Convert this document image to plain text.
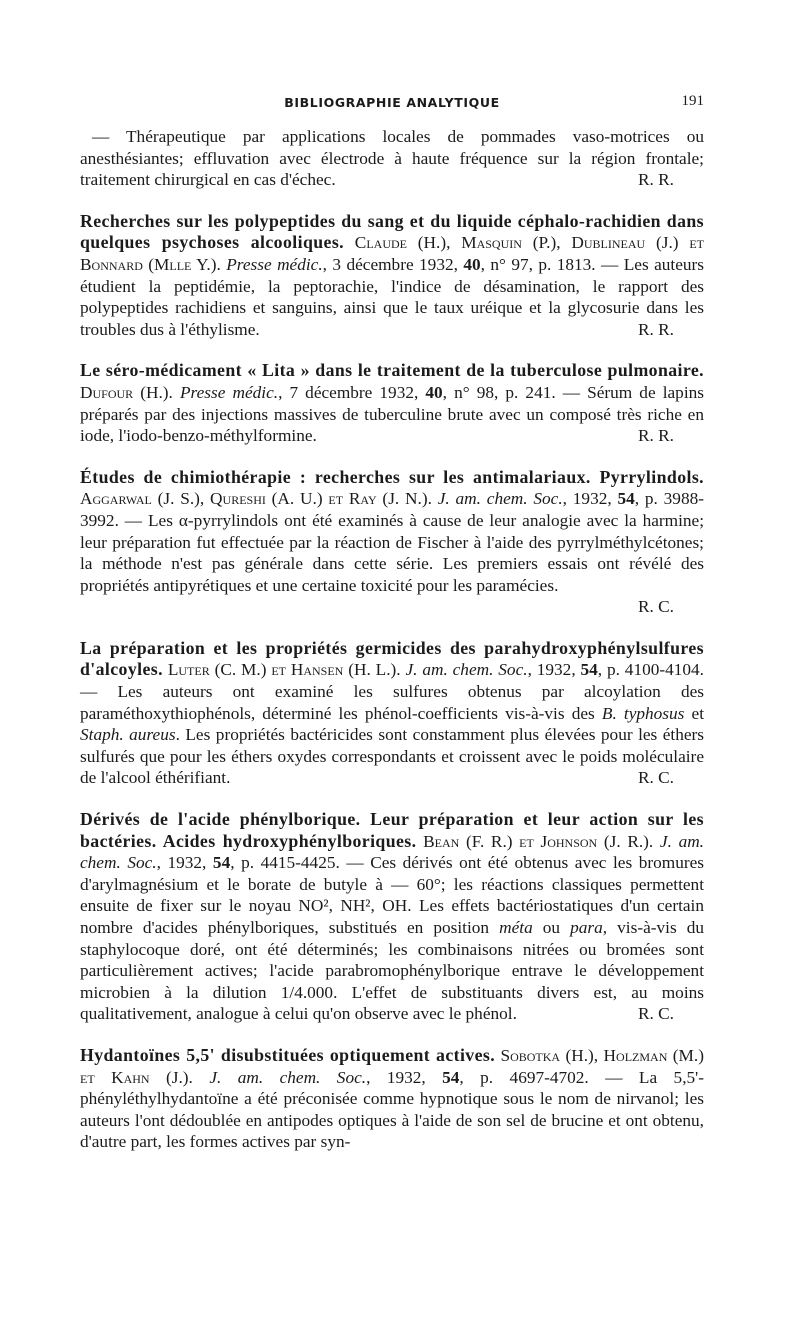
BIBLIOGRAPHIE ANALYTIQUE	191

— Thérapeutique par applications locales de pommades vaso-motrices ou anesthésiantes; effluvation avec électrode à haute fréquence sur la région frontale; traitement chirurgical en cas d'échec.	R. R.

Recherches sur les polypeptides du sang et du liquide céphalo-rachidien dans quelques psychoses alcooliques. Claude (H.), Masquin (P.), Dublineau (J.) et Bonnard (Mlle Y.). Presse médic., 3 décembre 1932, 40, n° 97, p. 1813. — Les auteurs étudient la peptidémie, la peptorachie, l'indice de désamination, le rapport des polypeptides rachidiens et sanguins, ainsi que le taux uréique et la glycosurie dans les troubles dus à l'éthylisme.	R. R.

Le séro-médicament « Lita » dans le traitement de la tuberculose pulmonaire. Dufour (H.). Presse médic., 7 décembre 1932, 40, n° 98, p. 241. — Sérum de lapins préparés par des injections massives de tuberculine brute avec un composé très riche en iode, l'iodo-benzo-méthylformine.	R. R.

Études de chimiothérapie : recherches sur les antimalariaux. Pyrrylindols. Aggarwal (J. S.), Qureshi (A. U.) et Ray (J. N.). J. am. chem. Soc., 1932, 54, p. 3988-3992. — Les α-pyrrylindols ont été examinés à cause de leur analogie avec la harmine; leur préparation fut effectuée par la réaction de Fischer à l'aide des pyrrylméthylcétones; la méthode n'est pas générale dans cette série. Les premiers essais ont révélé des propriétés antipyrétiques et une certaine toxicité pour les paramécies.
R. C.

La préparation et les propriétés germicides des parahydroxyphénylsulfures d'alcoyles. Luter (C. M.) et Hansen (H. L.). J. am. chem. Soc., 1932, 54, p. 4100-4104. — Les auteurs ont examiné les sulfures obtenus par alcoylation des paraméthoxythiophénols, déterminé les phénol-coefficients vis-à-vis des B. typhosus et Staph. aureus. Les propriétés bactéricides sont constamment plus élevées pour les éthers sulfurés que pour les éthers oxydes correspondants et croissent avec le poids moléculaire de l'alcool éthérifiant.	R. C.

Dérivés de l'acide phénylborique. Leur préparation et leur action sur les bactéries. Acides hydroxyphénylboriques. Bean (F. R.) et Johnson (J. R.). J. am. chem. Soc., 1932, 54, p. 4415-4425. — Ces dérivés ont été obtenus avec les bromures d'arylmagnésium et le borate de butyle à — 60°; les réactions classiques permettent ensuite de fixer sur le noyau NO², NH², OH. Les effets bactériostatiques d'un certain nombre d'acides phénylboriques, substitués en position méta ou para, vis-à-vis du staphylocoque doré, ont été déterminés; les combinaisons nitrées ou bromées sont particulièrement actives; l'acide parabromophénylborique entrave le développement microbien à la dilution 1/4.000. L'effet de substituants divers est, au moins qualitativement, analogue à celui qu'on observe avec le phénol.	R. C.

Hydantoïnes 5,5' disubstituées optiquement actives. Sobotka (H.), Holzman (M.) et Kahn (J.). J. am. chem. Soc., 1932, 54, p. 4697-4702. — La 5,5'-phényléthylhydantoïne a été préconisée comme hypnotique sous le nom de nirvanol; les auteurs l'ont dédoublée en antipodes optiques à l'aide de son sel de brucine et ont obtenu, d'autre part, les formes actives par syn-
